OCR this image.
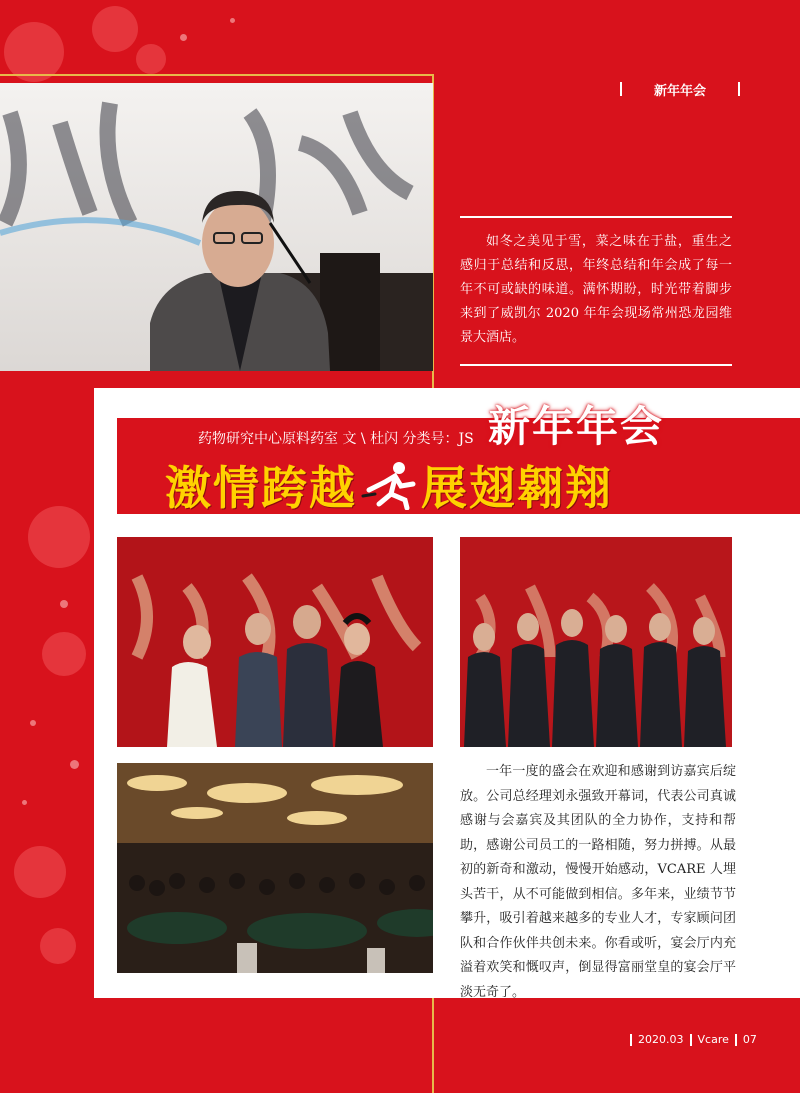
新年年会

如冬之美见于雪，菜之味在于盐，重生之感归于总结和反思，年终总结和年会成了每一年不可或缺的味道。满怀期盼，时光带着脚步来到了威凯尔 2020 年年会现场常州恐龙园维景大酒店。

药物研究中心原料药室 文 \ 杜闪 分类号：JS 新年年会
激情跨越 展翅翱翔

一年一度的盛会在欢迎和感谢到访嘉宾后绽放。公司总经理刘永强致开幕词，代表公司真诚感谢与会嘉宾及其团队的全力协作，支持和帮助，感谢公司员工的一路相随，努力拼搏。从最初的新奇和激动，慢慢开始感动，VCARE 人埋头苦干，从不可能做到相信。多年来，业绩节节攀升，吸引着越来越多的专业人才，专家顾问团队和合作伙伴共创未来。你看或听，宴会厅内充溢着欢笑和慨叹声，倒显得富丽堂皇的宴会厅平淡无奇了。

2020.03 Vcare 07
